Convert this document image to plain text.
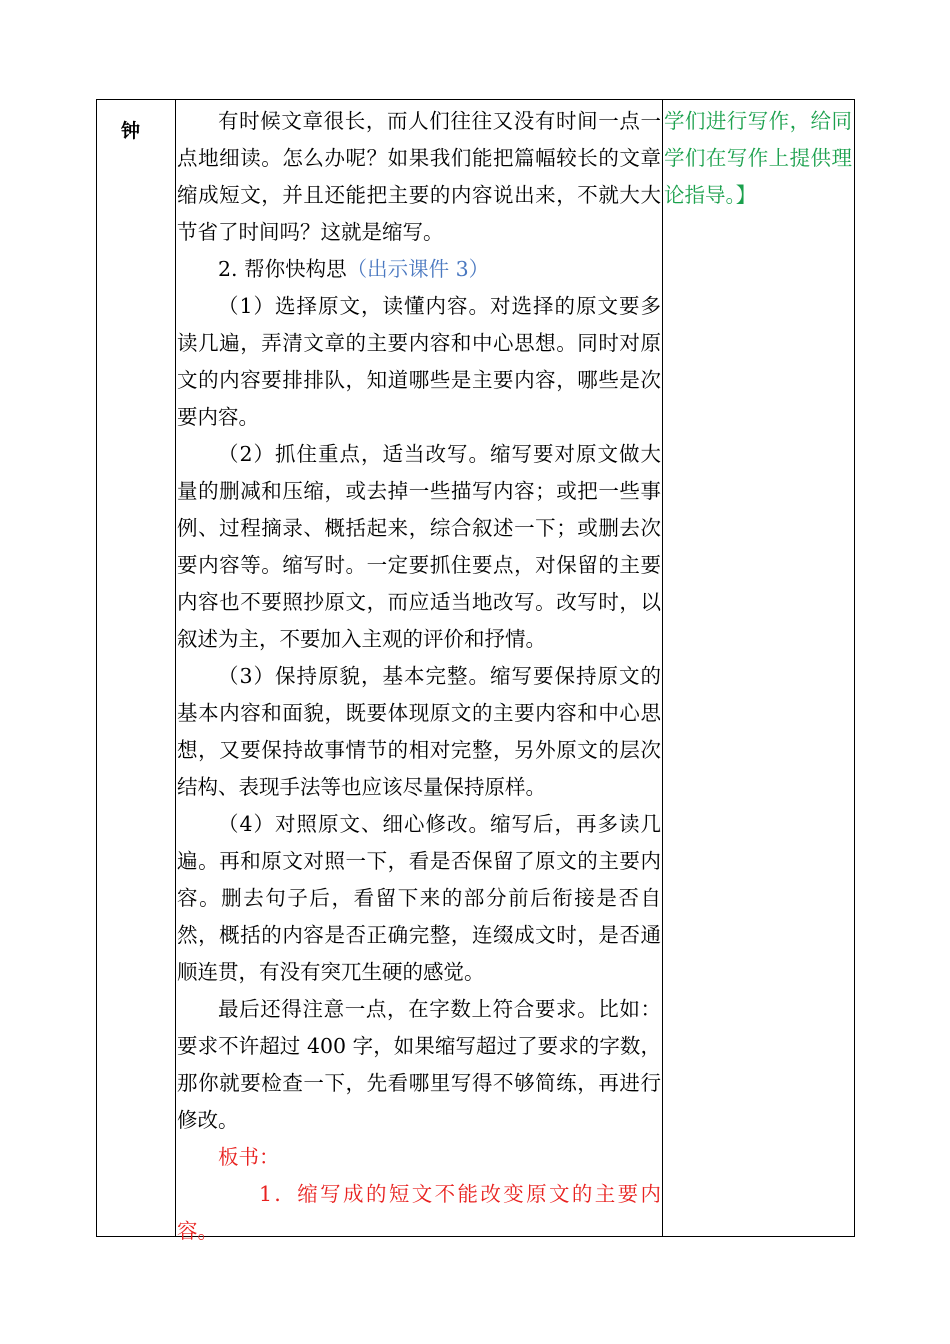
钟	有时候文章很长，而人们往往又没有时间一点一点地细读。怎么办呢？如果我们能把篇幅较长的文章缩成短文，并且还能把主要的内容说出来，不就大大节省了时间吗？这就是缩写。

2. 帮你快构思（出示课件 3）

（1）选择原文，读懂内容。对选择的原文要多读几遍，弄清文章的主要内容和中心思想。同时对原文的内容要排排队，知道哪些是主要内容，哪些是次要内容。

（2）抓住重点，适当改写。缩写要对原文做大量的删减和压缩，或去掉一些描写内容；或把一些事例、过程摘录、概括起来，综合叙述一下；或删去次要内容等。缩写时。一定要抓住要点，对保留的主要内容也不要照抄原文，而应适当地改写。改写时，以叙述为主，不要加入主观的评价和抒情。

（3）保持原貌，基本完整。缩写要保持原文的基本内容和面貌，既要体现原文的主要内容和中心思想，又要保持故事情节的相对完整，另外原文的层次结构、表现手法等也应该尽量保持原样。

（4）对照原文、细心修改。缩写后，再多读几遍。再和原文对照一下，看是否保留了原文的主要内容。删去句子后，看留下来的部分前后衔接是否自然，概括的内容是否正确完整，连缀成文时，是否通顺连贯，有没有突兀生硬的感觉。

最后还得注意一点，在字数上符合要求。比如：要求不许超过 400 字，如果缩写超过了要求的字数，那你就要检查一下，先看哪里写得不够简练，再进行修改。

板书：

1．缩写成的短文不能改变原文的主要内容。

学们进行写作，给同学们在写作上提供理论指导。】
